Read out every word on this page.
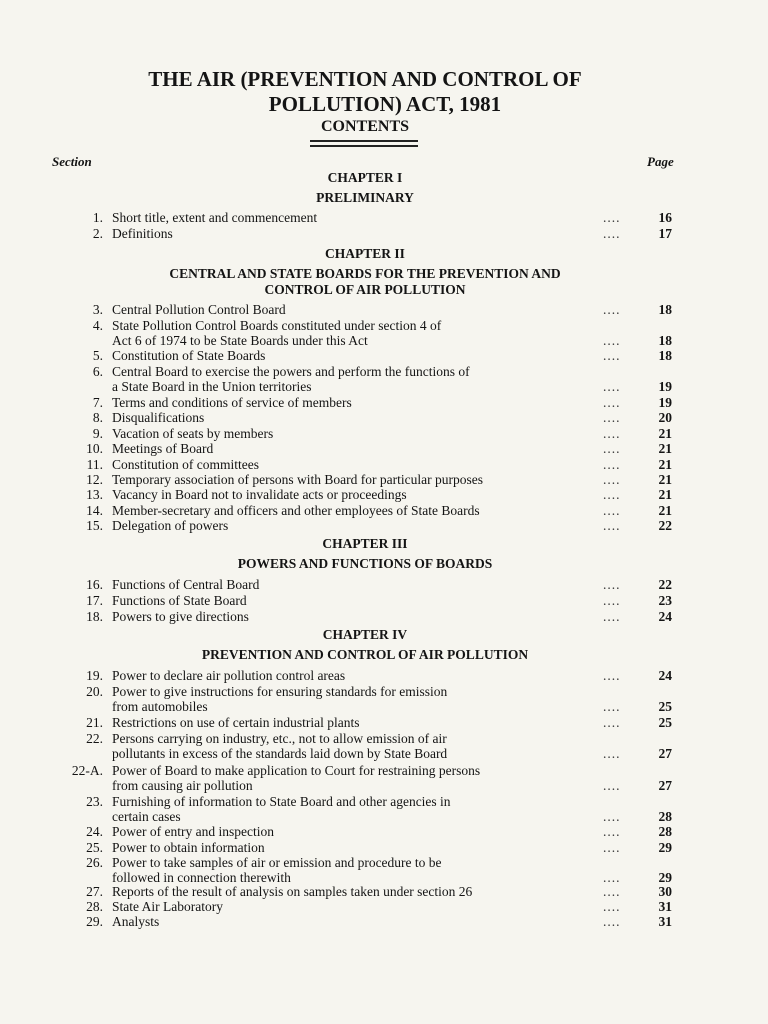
THE AIR (PREVENTION AND CONTROL OF
POLLUTION) ACT, 1981
CONTENTS
Section	Page
CHAPTER I
PRELIMINARY
CHAPTER II
CENTRAL AND STATE BOARDS FOR THE PREVENTION AND
CONTROL OF AIR POLLUTION
CHAPTER III
POWERS AND FUNCTIONS OF BOARDS
CHAPTER IV
PREVENTION AND CONTROL OF AIR POLLUTION
1. Short title, extent and commencement	....	16
2. Definitions	....	17
3. Central Pollution Control Board	....	18
4. State Pollution Control Boards constituted under section 4 of
Act 6 of 1974 to be State Boards under this Act	....	18
5. Constitution of State Boards	....	18
6. Central Board to exercise the powers and perform the functions of
a State Board in the Union territories	....	19
7. Terms and conditions of service of members	....	19
8. Disqualifications	....	20
9. Vacation of seats by members	....	21
10. Meetings of Board	....	21
11. Constitution of committees	....	21
12. Temporary association of persons with Board for particular purposes	....	21
13. Vacancy in Board not to invalidate acts or proceedings	....	21
14. Member-secretary and officers and other employees of State Boards	....	21
15. Delegation of powers	....	22
16. Functions of Central Board	....	22
17. Functions of State Board	....	23
18. Powers to give directions	....	24
19. Power to declare air pollution control areas	....	24
20. Power to give instructions for ensuring standards for emission
from automobiles	....	25
21. Restrictions on use of certain industrial plants	....	25
22. Persons carrying on industry, etc., not to allow emission of air
pollutants in excess of the standards laid down by State Board	....	27
22-A. Power of Board to make application to Court for restraining persons
from causing air pollution	....	27
23. Furnishing of information to State Board and other agencies in
certain cases	....	28
24. Power of entry and inspection	....	28
25. Power to obtain information	....	29
26. Power to take samples of air or emission and procedure to be
followed in connection therewith	....	29
27. Reports of the result of analysis on samples taken under section 26	....	30
28. State Air Laboratory	....	31
29. Analysts	....	31
